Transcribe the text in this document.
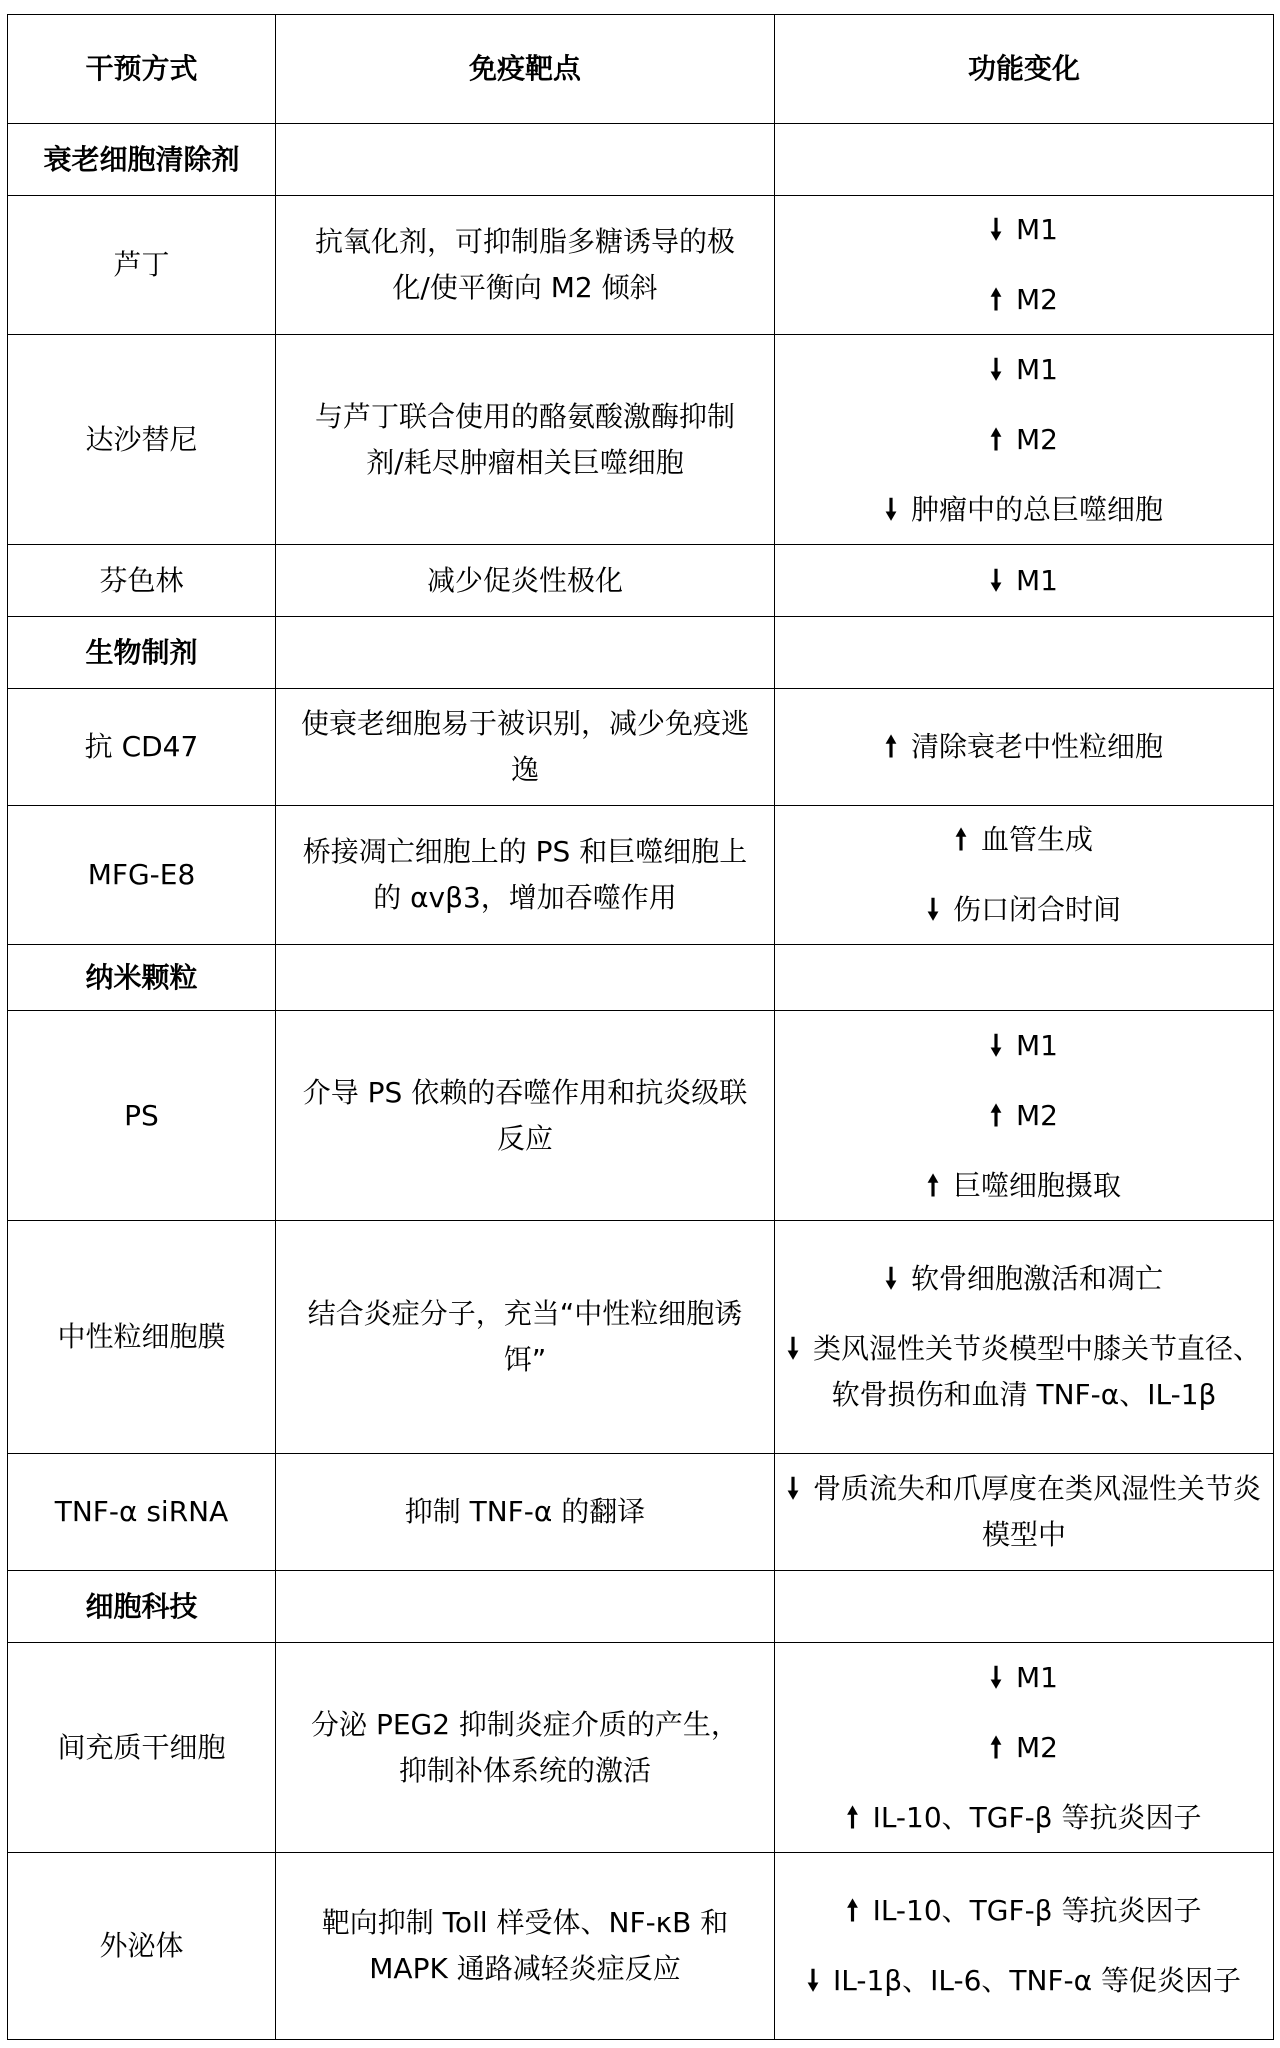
干预方式	免疫靶点	功能变化
衰老细胞清除剂		

芦丁	抗氧化剂，可抑制脂多糖诱导的极化/使平衡向 M2 倾斜	🠗 M1
🠕 M2

达沙替尼	与芦丁联合使用的酪氨酸激酶抑制剂/耗尽肿瘤相关巨噬细胞	🠗 M1
🠕 M2
🠗 肿瘤中的总巨噬细胞

芬色林	减少促炎性极化	🠗 M1

生物制剂		

抗 CD47	使衰老细胞易于被识别，减少免疫逃逸	🠕 清除衰老中性粒细胞

MFG-E8	桥接凋亡细胞上的 PS 和巨噬细胞上的 αvβ3，增加吞噬作用	🠕 血管生成
🠗 伤口闭合时间

纳米颗粒		

PS	介导 PS 依赖的吞噬作用和抗炎级联反应	🠗 M1
🠕 M2
🠕 巨噬细胞摄取

中性粒细胞膜	结合炎症分子，充当“中性粒细胞诱饵”	🠗 软骨细胞激活和凋亡
🠗 类风湿性关节炎模型中膝关节直径、软骨损伤和血清 TNF-α、IL-1β

TNF-α siRNA	抑制 TNF-α 的翻译	🠗 骨质流失和爪厚度在类风湿性关节炎模型中

细胞科技		

间充质干细胞	分泌 PEG2 抑制炎症介质的产生，抑制补体系统的激活	🠗 M1
🠕 M2
🠕 IL-10、TGF-β 等抗炎因子

外泌体	靶向抑制 Toll 样受体、NF-κB 和 MAPK 通路减轻炎症反应	🠕 IL-10、TGF-β 等抗炎因子
🠗 IL-1β、IL-6、TNF-α 等促炎因子
